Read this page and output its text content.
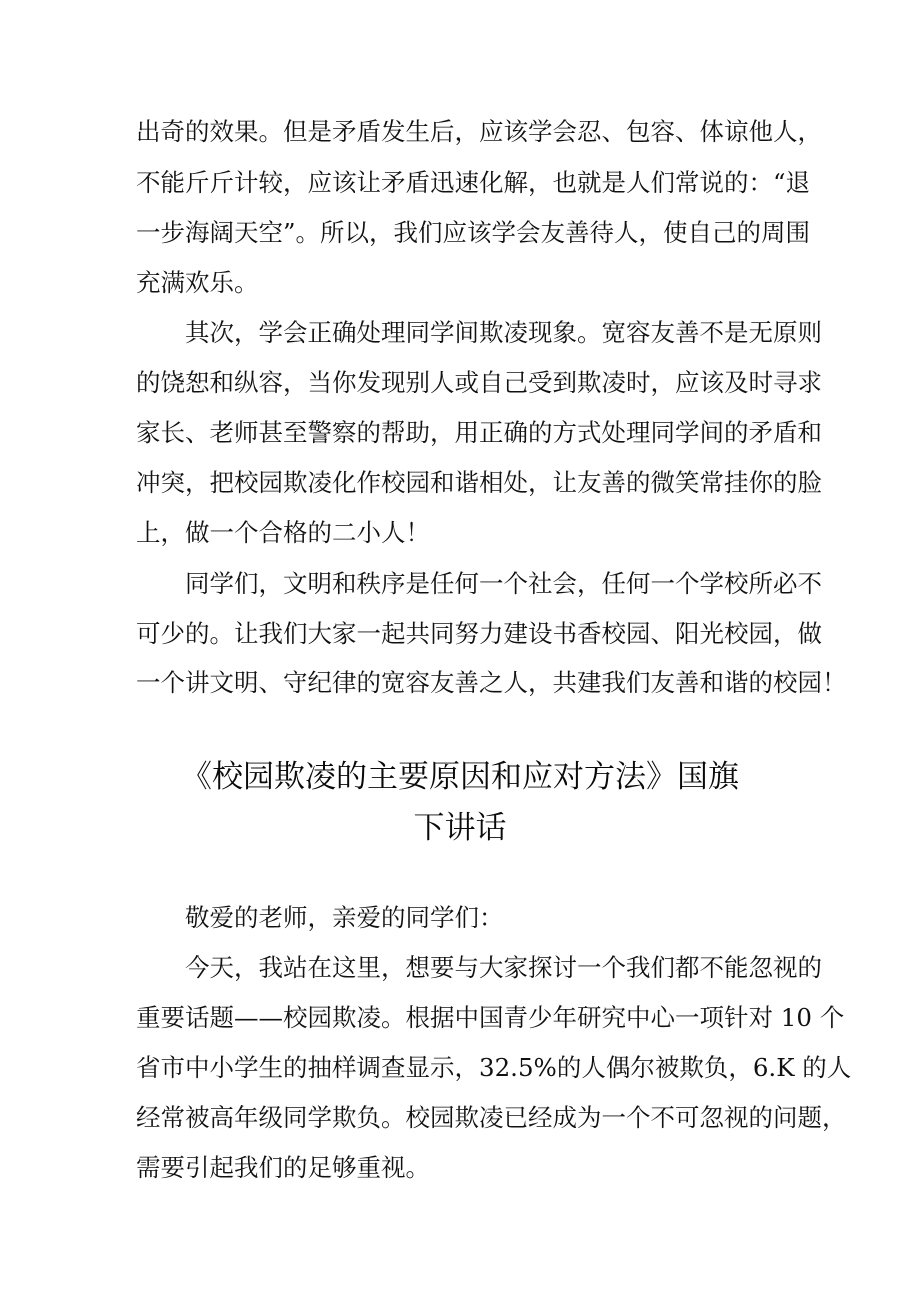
出奇的效果。但是矛盾发生后，应该学会忍、包容、体谅他人，
不能斤斤计较，应该让矛盾迅速化解，也就是人们常说的：“退
一步海阔天空”。所以，我们应该学会友善待人，使自己的周围
充满欢乐。
其次，学会正确处理同学间欺凌现象。宽容友善不是无原则
的饶恕和纵容，当你发现别人或自己受到欺凌时，应该及时寻求
家长、老师甚至警察的帮助，用正确的方式处理同学间的矛盾和
冲突，把校园欺凌化作校园和谐相处，让友善的微笑常挂你的脸
上，做一个合格的二小人！
同学们，文明和秩序是任何一个社会，任何一个学校所必不
可少的。让我们大家一起共同努力建设书香校园、阳光校园，做
一个讲文明、守纪律的宽容友善之人，共建我们友善和谐的校园！
《校园欺凌的主要原因和应对方法》国旗
下讲话
敬爱的老师，亲爱的同学们：
今天，我站在这里，想要与大家探讨一个我们都不能忽视的
重要话题——校园欺凌。根据中国青少年研究中心一项针对 10 个
省市中小学生的抽样调查显示，32.5%的人偶尔被欺负，6.K 的人
经常被高年级同学欺负。校园欺凌已经成为一个不可忽视的问题，
需要引起我们的足够重视。
